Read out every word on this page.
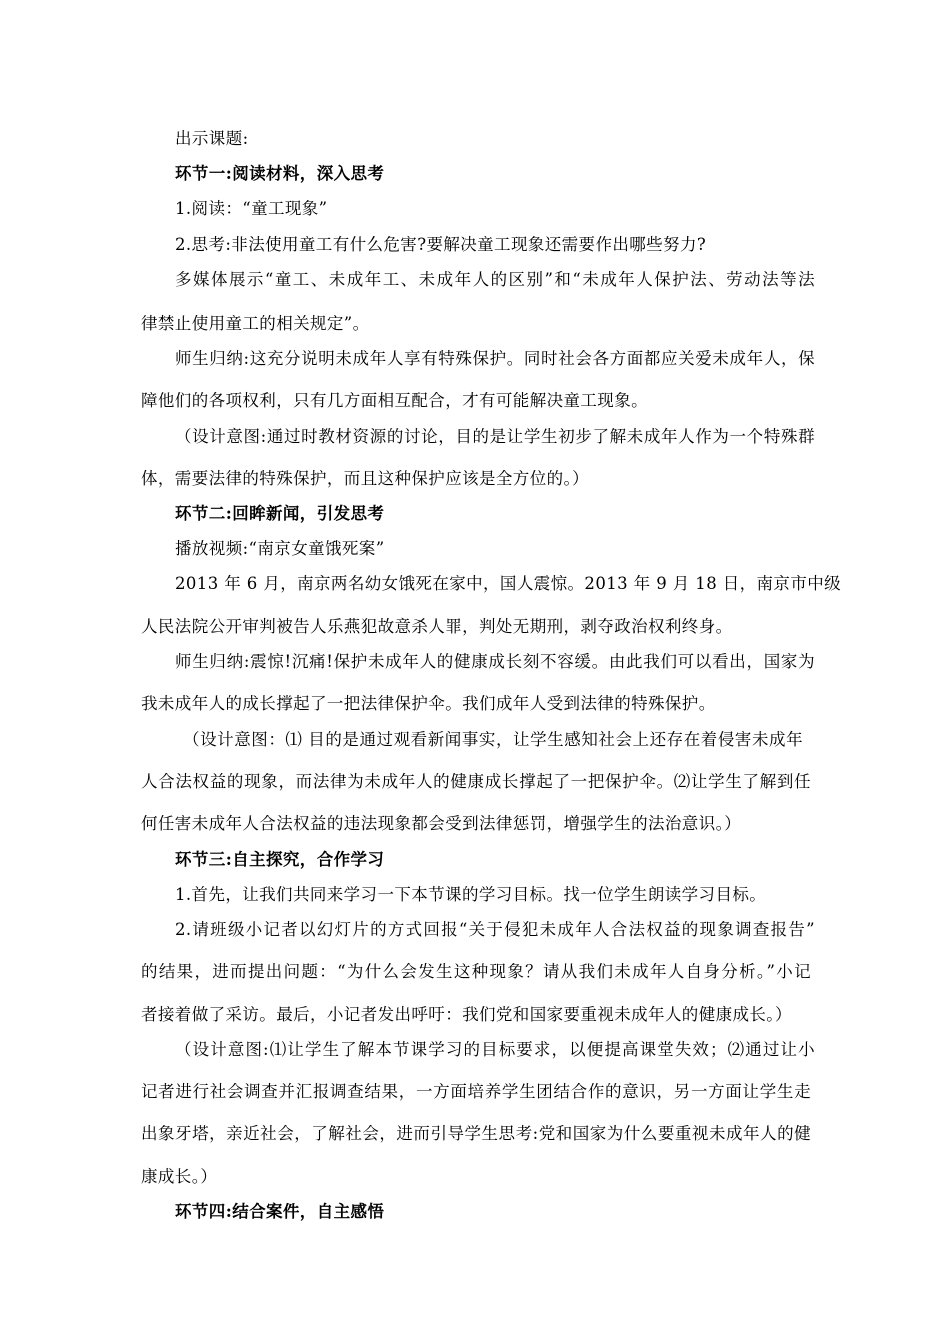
出示课题:
环节一:阅读材料，深入思考
1.阅读：“童工现象”
2.思考:非法使用童工有什么危害?要解决童工现象还需要作出哪些努力?
多媒体展示“童工、未成年工、未成年人的区别”和“未成年人保护法、劳动法等法
律禁止使用童工的相关规定”。
师生归纳:这充分说明未成年人享有特殊保护。同时社会各方面都应关爱未成年人，保
障他们的各项权利，只有几方面相互配合，才有可能解决童工现象。
（设计意图:通过时教材资源的讨论，目的是让学生初步了解未成年人作为一个特殊群
体，需要法律的特殊保护，而且这种保护应该是全方位的。）
环节二:回眸新闻，引发思考
播放视频:“南京女童饿死案”
2013 年 6 月，南京两名幼女饿死在家中，国人震惊。2013 年 9 月 18 日，南京市中级
人民法院公开审判被告人乐燕犯故意杀人罪，判处无期刑，剥夺政治权利终身。
师生归纳:震惊!沉痛!保护未成年人的健康成长刻不容缓。由此我们可以看出，国家为
我未成年人的成长撑起了一把法律保护伞。我们成年人受到法律的特殊保护。
（设计意图：⑴ 目的是通过观看新闻事实，让学生感知社会上还存在着侵害未成年
人合法权益的现象，而法律为未成年人的健康成长撑起了一把保护伞。⑵让学生了解到任
何任害未成年人合法权益的违法现象都会受到法律惩罚，增强学生的法治意识。）
环节三:自主探究，合作学习
1.首先，让我们共同来学习一下本节课的学习目标。找一位学生朗读学习目标。
2.请班级小记者以幻灯片的方式回报“关于侵犯未成年人合法权益的现象调查报告”
的结果，进而提出问题：“为什么会发生这种现象？请从我们未成年人自身分析。”小记
者接着做了采访。最后，小记者发出呼吁：我们党和国家要重视未成年人的健康成长。）
（设计意图:⑴让学生了解本节课学习的目标要求，以便提高课堂失效；⑵通过让小
记者进行社会调查并汇报调查结果，一方面培养学生团结合作的意识，另一方面让学生走
出象牙塔，亲近社会，了解社会，进而引导学生思考:党和国家为什么要重视未成年人的健
康成长。）
环节四:结合案件，自主感悟
